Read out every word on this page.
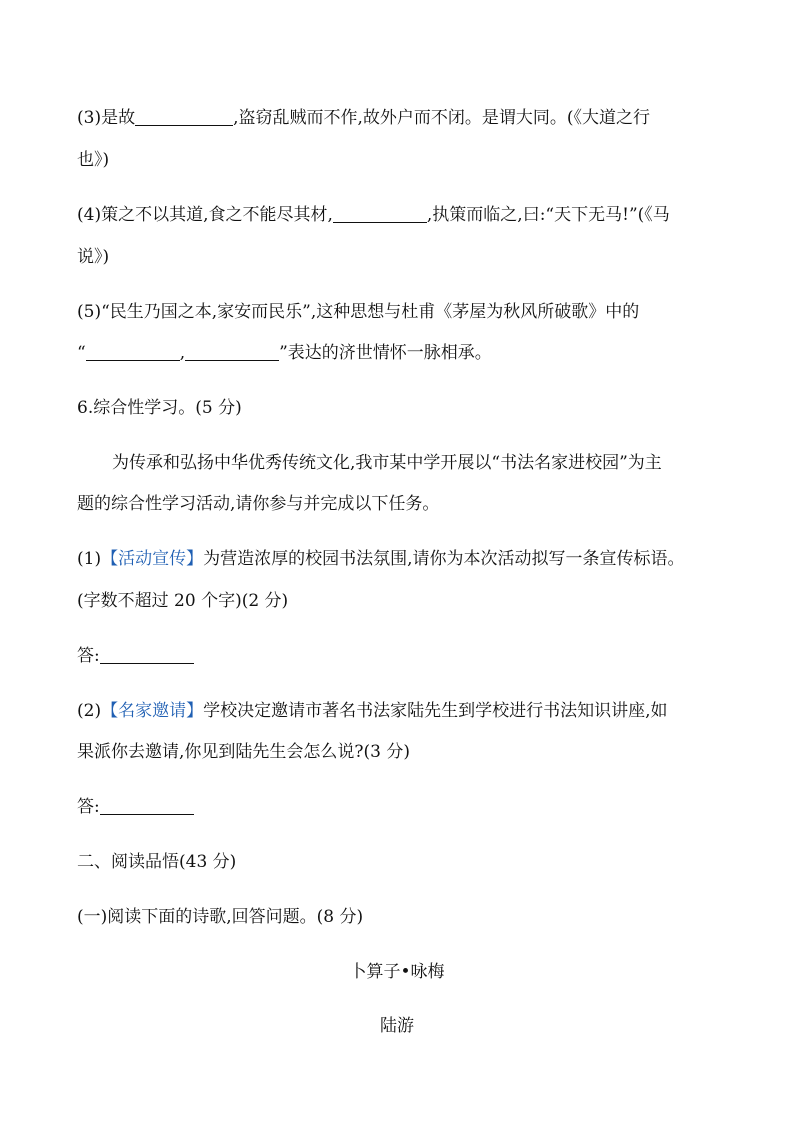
(3)是故	,盗窃乱贼而不作,故外户而不闭。是谓大同。(《大道之行
也》)
(4)策之不以其道,食之不能尽其材,	,执策而临之,曰:“天下无马!”(《马
说》)
(5)“民生乃国之本,家安而民乐”,这种思想与杜甫《茅屋为秋风所破歌》中的
“	,	”表达的济世情怀一脉相承。
6.综合性学习。(5 分)
为传承和弘扬中华优秀传统文化,我市某中学开展以“书法名家进校园”为主
题的综合性学习活动,请你参与并完成以下任务。
(1)【活动宣传】为营造浓厚的校园书法氛围,请你为本次活动拟写一条宣传标语。
(字数不超过 20 个字)(2 分)
答:
(2)【名家邀请】学校决定邀请市著名书法家陆先生到学校进行书法知识讲座,如
果派你去邀请,你见到陆先生会怎么说?(3 分)
答:
二、阅读品悟(43 分)
(一)阅读下面的诗歌,回答问题。(8 分)
卜算子•咏梅
陆游
